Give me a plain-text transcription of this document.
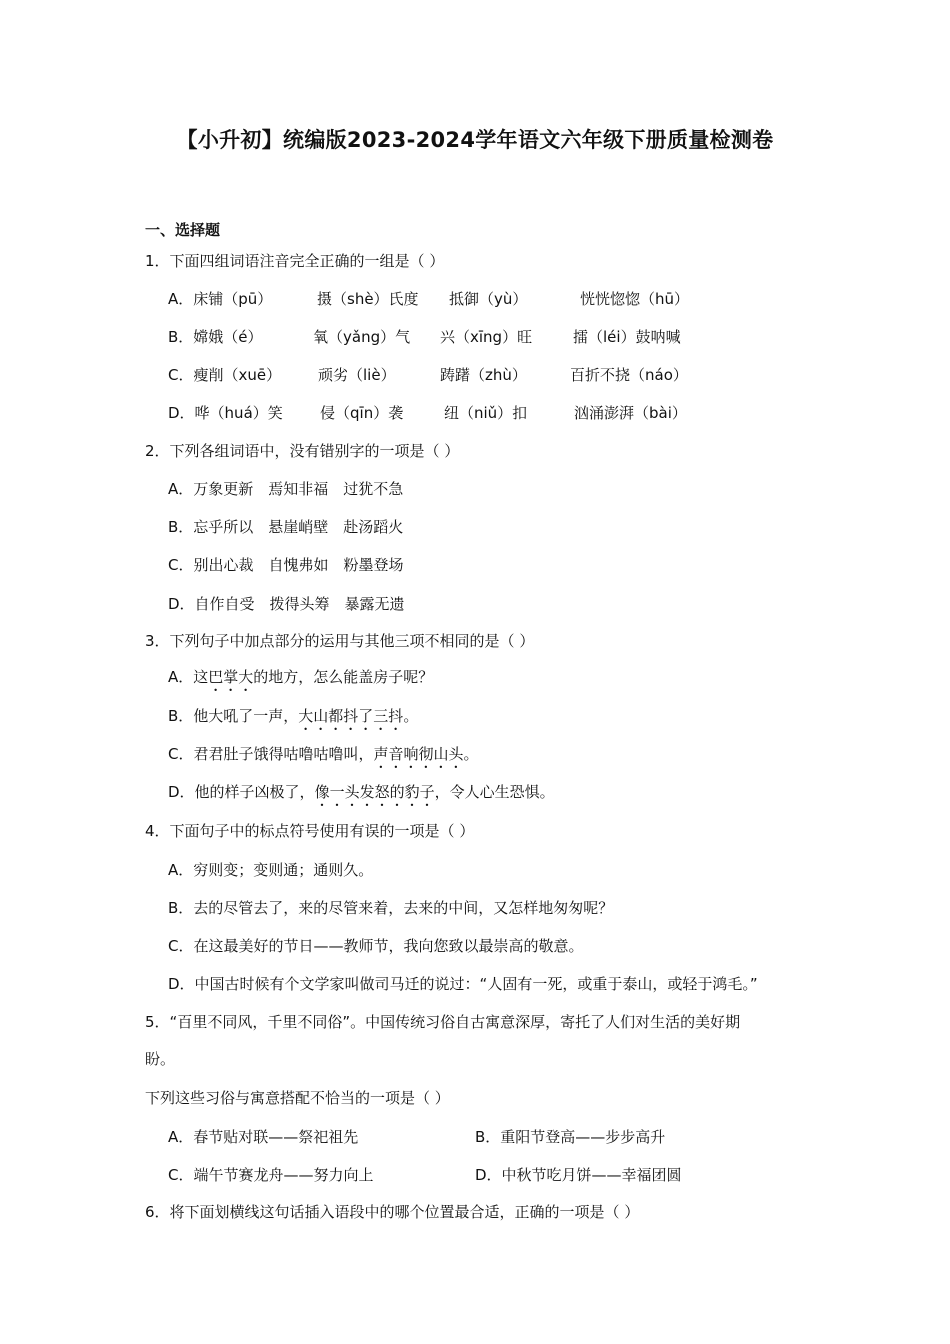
【小升初】统编版2023-2024学年语文六年级下册质量检测卷
一、选择题
1．下面四组词语注音完全正确的一组是（ ）
A．床铺（pū）	摄（shè）氏度 抵御（yù）	恍恍惚惚（hū）
B．嫦娥（é）	氧（yǎng）气 兴（xīng）旺	擂（léi）鼓呐喊
C．瘦削（xuē） 顽劣（liè）	踌躇（zhù）	百折不挠（náo）
D．哗（huá）笑 侵（qīn）袭	纽（niǔ）扣	汹涌澎湃（bài）
2．下列各组词语中，没有错别字的一项是（ ）
A．万象更新　焉知非福　过犹不急
B．忘乎所以　悬崖峭壁　赴汤蹈火
C．别出心裁　自愧弗如　粉墨登场
D．自作自受　拨得头筹　暴露无遗
3．下列句子中加点部分的运用与其他三项不相同的是（ ）
A．这巴掌大的地方，怎么能盖房子呢？
B．他大吼了一声，大山都抖了三抖。
C．君君肚子饿得咕噜咕噜叫，声音响彻山头。
D．他的样子凶极了，像一头发怒的豹子，令人心生恐惧。
4．下面句子中的标点符号使用有误的一项是（ ）
A．穷则变；变则通；通则久。
B．去的尽管去了，来的尽管来着，去来的中间，又怎样地匆匆呢？
C．在这最美好的节日——教师节，我向您致以最崇高的敬意。
D．中国古时候有个文学家叫做司马迁的说过：“人固有一死，或重于泰山，或轻于鸿毛。”
5．“百里不同风，千里不同俗”。中国传统习俗自古寓意深厚，寄托了人们对生活的美好期
盼。
下列这些习俗与寓意搭配不恰当的一项是（ ）
A．春节贴对联——祭祀祖先	B．重阳节登高——步步高升
C．端午节赛龙舟——努力向上	D．中秋节吃月饼——幸福团圆
6．将下面划横线这句话插入语段中的哪个位置最合适，正确的一项是（ ）
